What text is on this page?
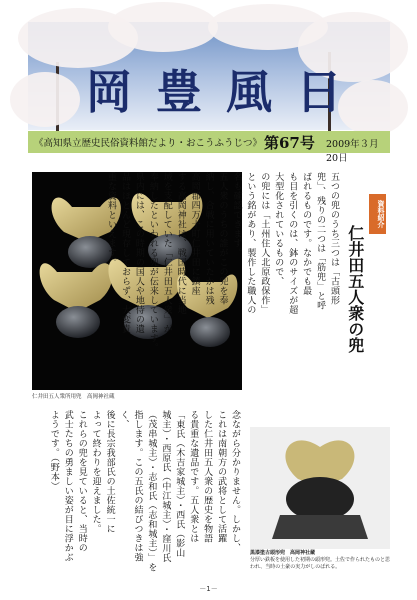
岡豊風日
《高知県立歴史民俗資料館だより・おこうふうじつ》 第67号 2009年３月20日
仁井田五人衆所用兜　高岡神社蔵
資料紹介
仁井田五人衆の兜
五つの兜のうち三つは「古頭形
兜」、残りの二つは「筋兜」と呼
ばれるものです。なかでも最
も目を引くのは、鉢のサイズが超
大型化されているもので、
の兜には「土州住人北原政保作」
という銘があり、製作した職人の
名も確認できます。
五人衆のうちの誰がこの兜を奉
納し、合戦に用いていたかは残
高岡郡四万十町仁井田に鎮座
する高岡神社は、戦国時代に当地
域を支配していた「仁井田五人衆」が
奉納したといわれる兜が伝来しています。
県内には、この時期の国人や地侍の遺
品はほとんど現存しておらず、大変貴
重な資料といえます。
念ながら分かりません。しかし、
これは南朝方の武将として活躍
した仁井田五人衆の歴史を物語
る貴重な遺品です。五人衆とは
「東氏（木吉家城主）・西氏（影山
城主）・西原氏（中江城主）・窪川氏
（茂串城主）・志和氏（志和城主）」を
指します。この五氏の結びつきは強く、
後に長宗我部氏の土佐統一に
よって終わりを迎えました。
これらの兜を見ていると、当時の
武士たちの勇ましい姿が目に浮かぶ
ようです。（野本）
黒漆塗古頭形兜　高岡神社蔵
分厚い鉄板を使用した初期の頭形兜。土佐で作られたものと思われ、当時の土豪の実力がしのばれる。
－1－
